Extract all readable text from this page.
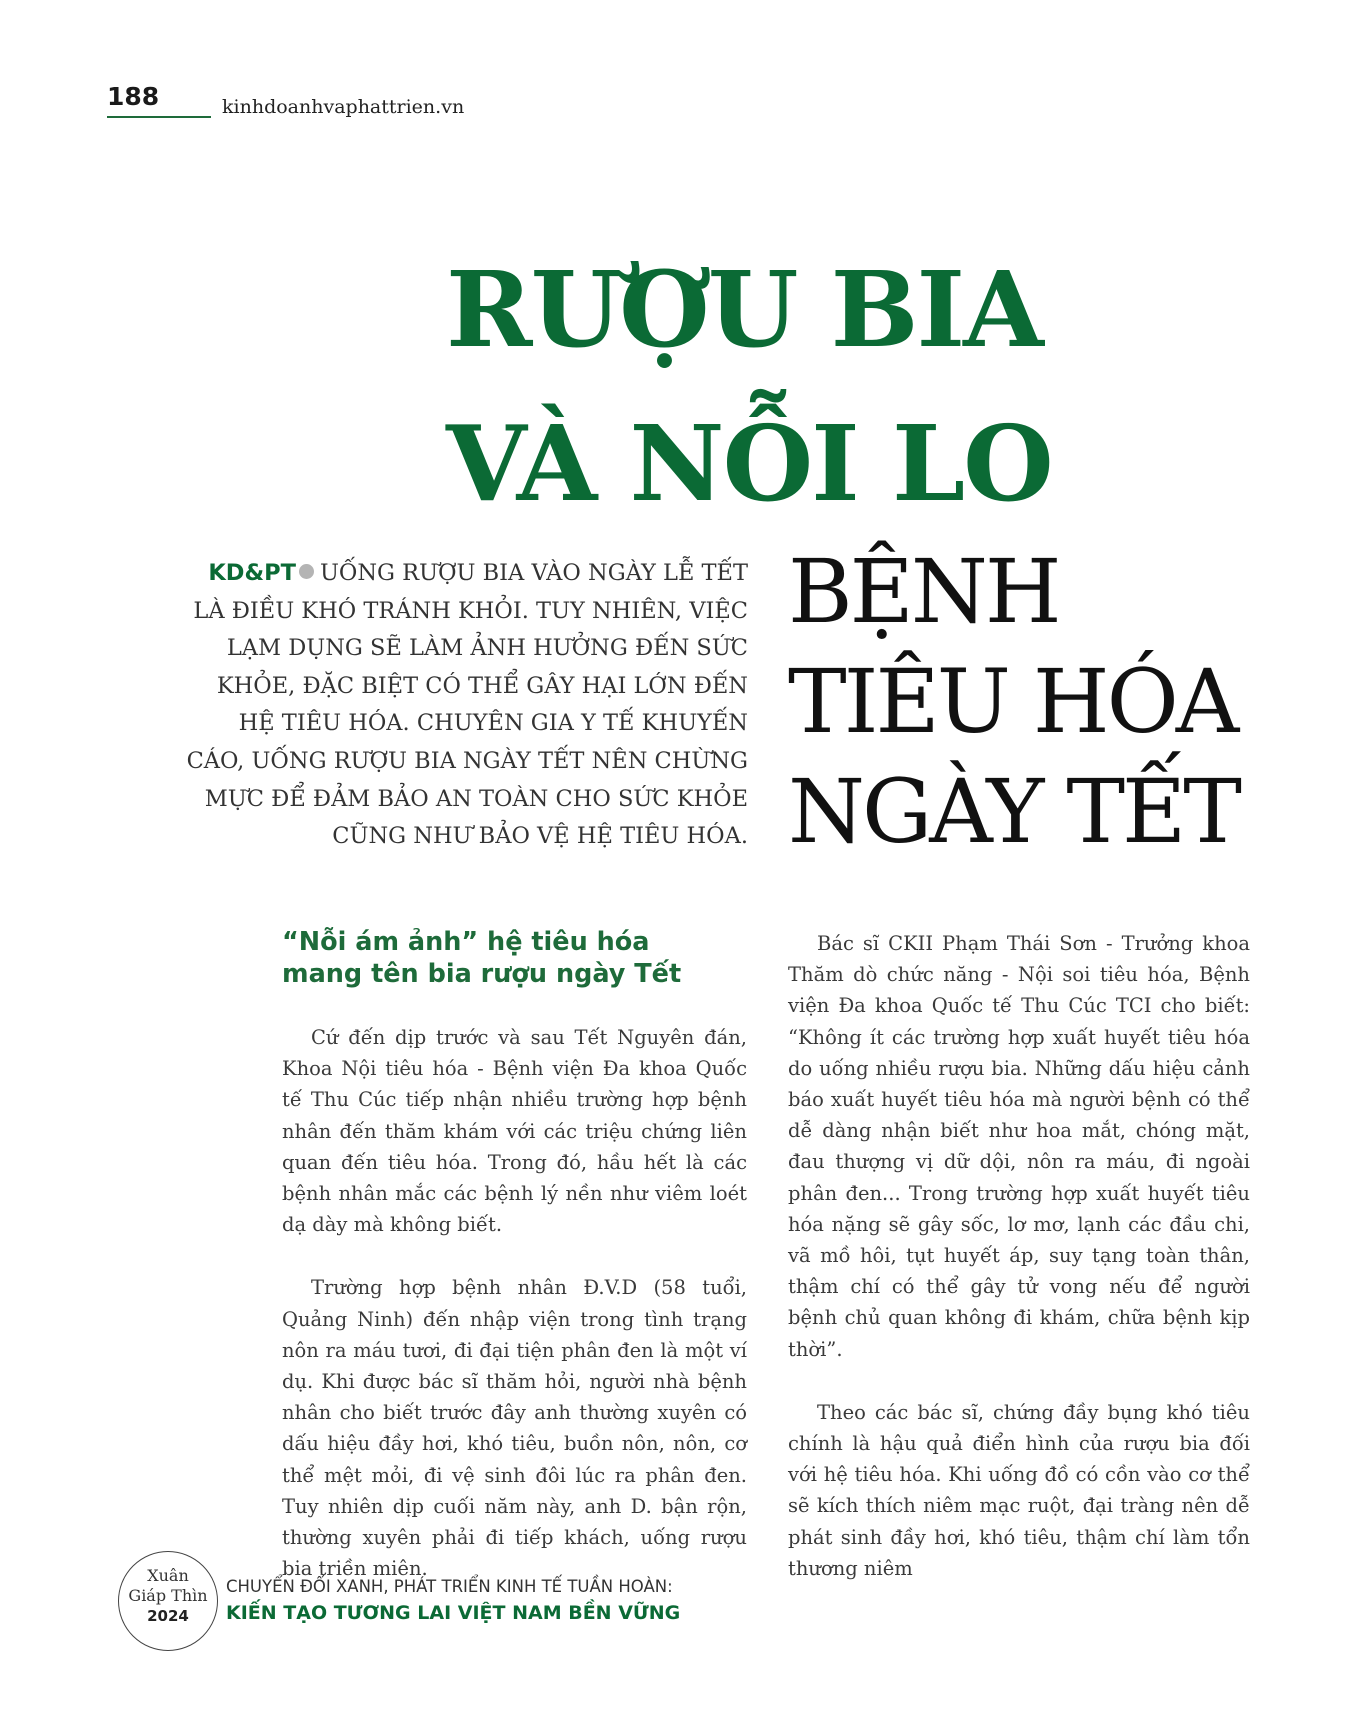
188	kinhdoanhvaphattrien.vn
RƯỢU BIA
VÀ NỖI LO
BỆNH
TIÊU HÓA
NGÀY TẾT
KD&PT UỐNG RƯỢU BIA VÀO NGÀY LỄ TẾT LÀ ĐIỀU KHÓ TRÁNH KHỎI. TUY NHIÊN, VIỆC LẠM DỤNG SẼ LÀM ẢNH HƯỞNG ĐẾN SỨC KHỎE, ĐẶC BIỆT CÓ THỂ GÂY HẠI LỚN ĐẾN HỆ TIÊU HÓA. CHUYÊN GIA Y TẾ KHUYẾN CÁO, UỐNG RƯỢU BIA NGÀY TẾT NÊN CHỪNG MỰC ĐỂ ĐẢM BẢO AN TOÀN CHO SỨC KHỎE CŨNG NHƯ BẢO VỆ HỆ TIÊU HÓA.
“Nỗi ám ảnh” hệ tiêu hóa
mang tên bia rượu ngày Tết

Cứ đến dịp trước và sau Tết Nguyên đán, Khoa Nội tiêu hóa - Bệnh viện Đa khoa Quốc tế Thu Cúc tiếp nhận nhiều trường hợp bệnh nhân đến thăm khám với các triệu chứng liên quan đến tiêu hóa. Trong đó, hầu hết là các bệnh nhân mắc các bệnh lý nền như viêm loét dạ dày mà không biết.

Trường hợp bệnh nhân Đ.V.D (58 tuổi, Quảng Ninh) đến nhập viện trong tình trạng nôn ra máu tươi, đi đại tiện phân đen là một ví dụ. Khi được bác sĩ thăm hỏi, người nhà bệnh nhân cho biết trước đây anh thường xuyên có dấu hiệu đầy hơi, khó tiêu, buồn nôn, nôn, cơ thể mệt mỏi, đi vệ sinh đôi lúc ra phân đen. Tuy nhiên dịp cuối năm này, anh D. bận rộn, thường xuyên phải đi tiếp khách, uống rượu bia triền miên.

Bác sĩ CKII Phạm Thái Sơn - Trưởng khoa Thăm dò chức năng - Nội soi tiêu hóa, Bệnh viện Đa khoa Quốc tế Thu Cúc TCI cho biết: “Không ít các trường hợp xuất huyết tiêu hóa do uống nhiều rượu bia. Những dấu hiệu cảnh báo xuất huyết tiêu hóa mà người bệnh có thể dễ dàng nhận biết như hoa mắt, chóng mặt, đau thượng vị dữ dội, nôn ra máu, đi ngoài phân đen... Trong trường hợp xuất huyết tiêu hóa nặng sẽ gây sốc, lơ mơ, lạnh các đầu chi, vã mồ hôi, tụt huyết áp, suy tạng toàn thân, thậm chí có thể gây tử vong nếu để người bệnh chủ quan không đi khám, chữa bệnh kịp thời”.

Theo các bác sĩ, chứng đầy bụng khó tiêu chính là hậu quả điển hình của rượu bia đối với hệ tiêu hóa. Khi uống đồ có cồn vào cơ thể sẽ kích thích niêm mạc ruột, đại tràng nên dễ phát sinh đầy hơi, khó tiêu, thậm chí làm tổn thương niêm

Xuân
Giáp Thìn
2024
CHUYỂN ĐỔI XANH, PHÁT TRIỂN KINH TẾ TUẦN HOÀN:
KIẾN TẠO TƯƠNG LAI VIỆT NAM BỀN VỮNG
